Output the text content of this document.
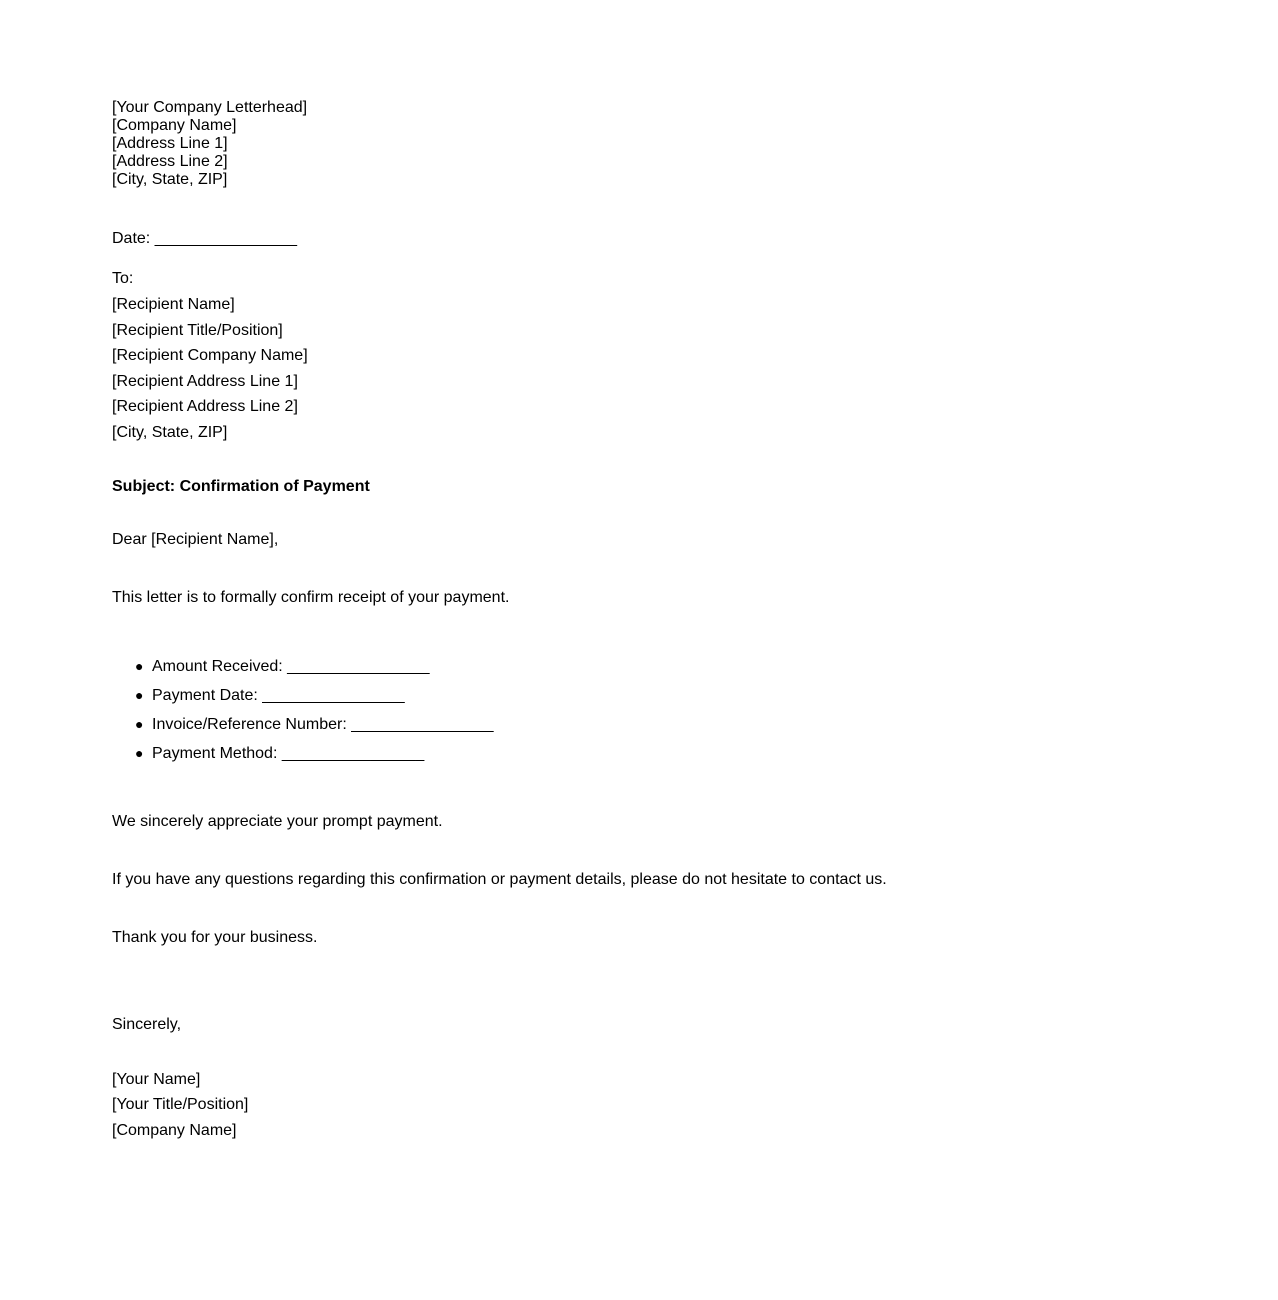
[Your Company Letterhead]
[Company Name]
[Address Line 1]
[Address Line 2]
[City, State, ZIP]
Date: ________________
To:
[Recipient Name]
[Recipient Title/Position]
[Recipient Company Name]
[Recipient Address Line 1]
[Recipient Address Line 2]
[City, State, ZIP]
Subject: Confirmation of Payment
Dear [Recipient Name],
This letter is to formally confirm receipt of your payment.
● Amount Received: ________________
● Payment Date: ________________
● Invoice/Reference Number: ________________
● Payment Method: ________________
We sincerely appreciate your prompt payment.
If you have any questions regarding this confirmation or payment details, please do not hesitate to contact us.
Thank you for your business.
Sincerely,
[Your Name]
[Your Title/Position]
[Company Name]
